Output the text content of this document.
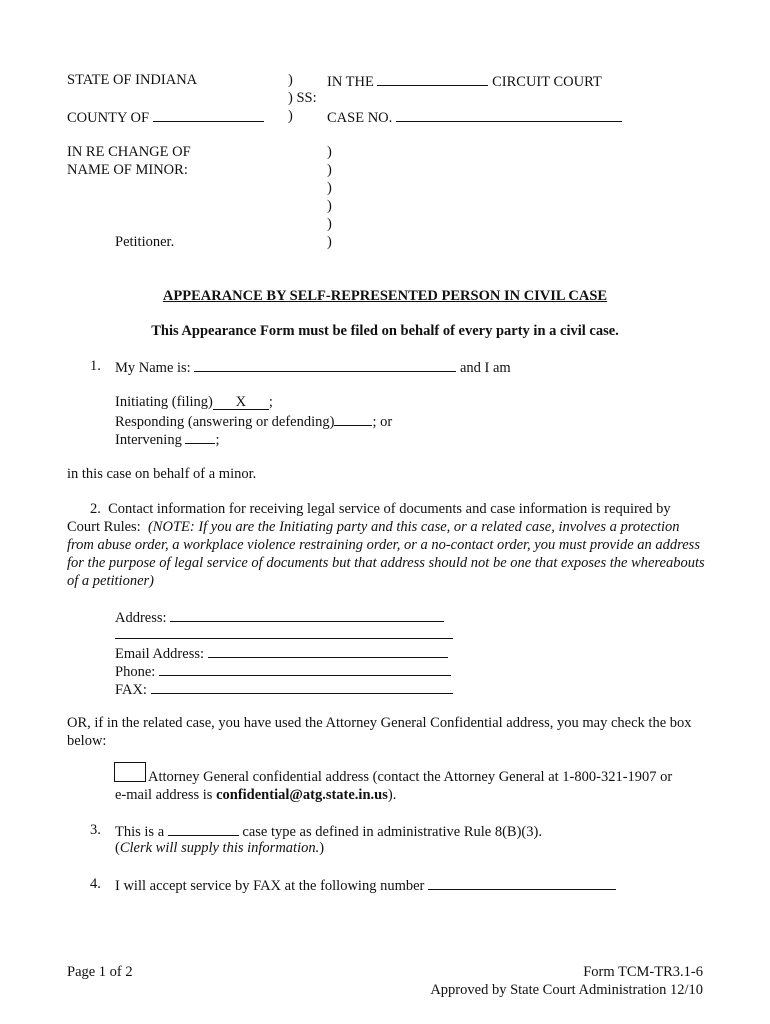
STATE OF INDIANA	) IN THE	CIRCUIT COURT
) SS:
COUNTY OF	) CASE NO.
IN RE CHANGE OF
NAME OF MINOR:
Petitioner.
)
)
)
)
)
)
APPEARANCE BY SELF-REPRESENTED PERSON IN CIVIL CASE
This Appearance Form must be filed on behalf of every party in a civil case.
1. My Name is:	and I am
Initiating (filing) X ;
Responding (answering or defending)	; or
Intervening ;
in this case on behalf of a minor.
2. Contact information for receiving legal service of documents and case information is required by Court Rules: (NOTE: If you are the Initiating party and this case, or a related case, involves a protection from abuse order, a workplace violence restraining order, or a no-contact order, you must provide an address for the purpose of legal service of documents but that address should not be one that exposes the whereabouts of a petitioner)
Address:
Email Address:
Phone:
FAX:
OR, if in the related case, you have used the Attorney General Confidential address, you may check the box below:
Attorney General confidential address (contact the Attorney General at 1-800-321-1907 or
e-mail address is confidential@atg.state.in.us).
3. This is a	case type as defined in administrative Rule 8(B)(3).
(Clerk will supply this information.)
4. I will accept service by FAX at the following number
Page 1 of 2	Form TCM-TR3.1-6
Approved by State Court Administration 12/10
